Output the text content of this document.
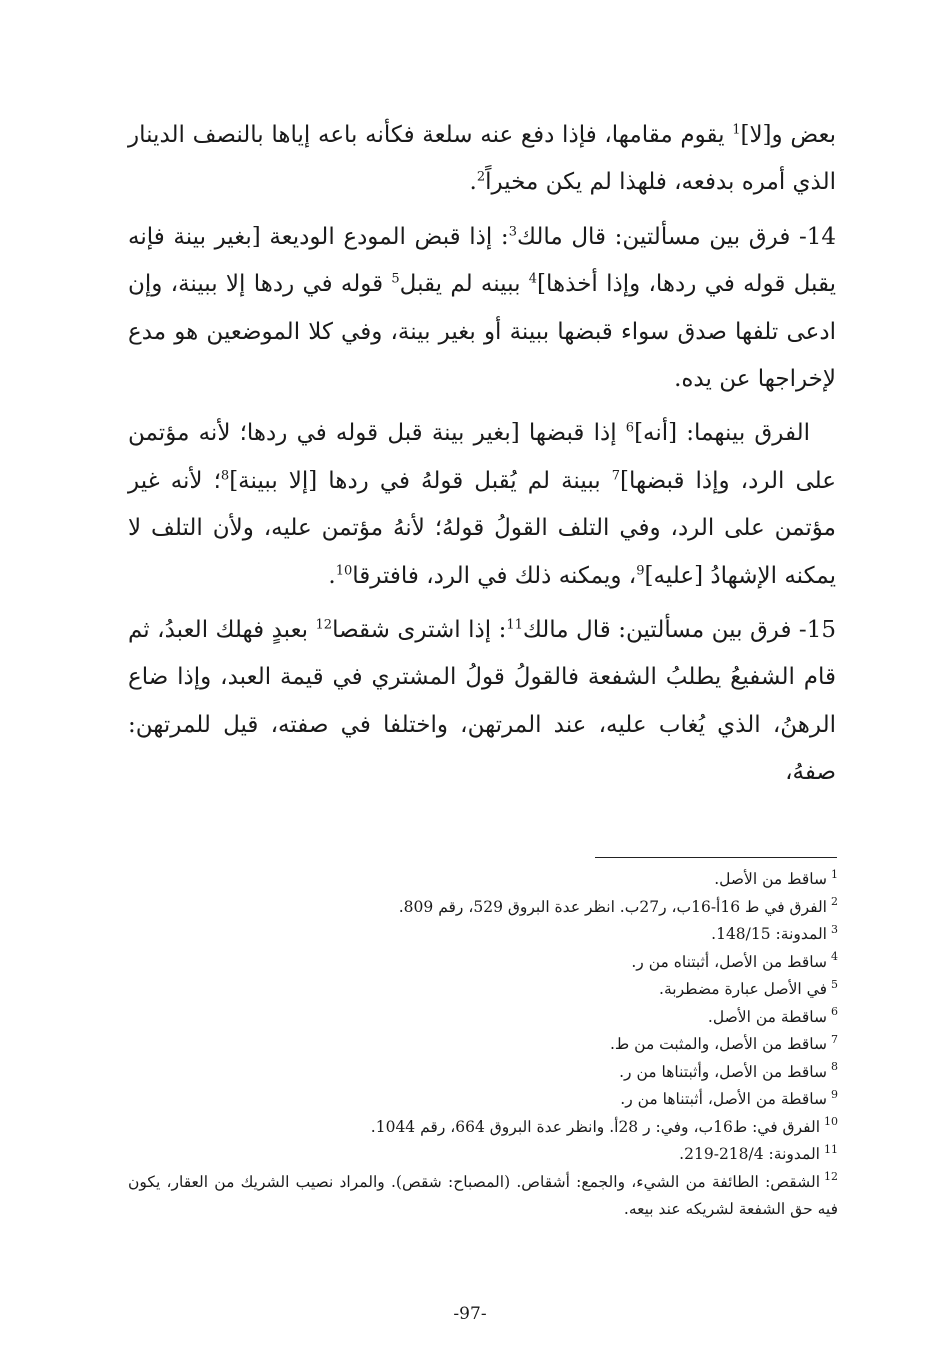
بعض و[لا]$^1$ يقوم مقامها، فإذا دفع عنه سلعة فكأنه باعه إياها بالنصف الدينار الذي أمره بدفعه، فلهذا لم يكن مخيراً$^2$.

14- فرق بين مسألتين: قال مالك$^3$: إذا قبض المودع الوديعة [بغير بينة فإنه يقبل قوله في ردها، وإذا أخذها]$^4$ ببينه لم يقبل$^5$ قوله في ردها إلا ببينة، وإن ادعى تلفها صدق سواء قبضها ببينة أو بغير بينة، وفي كلا الموضعين هو مدع لإخراجها عن يده.

الفرق بينهما: [أنه]$^6$ إذا قبضها [بغير بينة قبل قوله في ردها؛ لأنه مؤتمن على الرد، وإذا قبضها]$^7$ ببينة لم يُقبل قولهُ في ردها [إلا ببينة]$^8$؛ لأنه غير مؤتمن على الرد، وفي التلف القولُ قولهُ؛ لأنهُ مؤتمن عليه، ولأن التلف لا يمكنه الإشهادُ [عليه]$^9$، ويمكنه ذلك في الرد، فافترقا$^{10}$.

15- فرق بين مسألتين: قال مالك$^{11}$: إذا اشترى شقصا$^{12}$ بعبدٍ فهلك العبدُ، ثم قام الشفيعُ يطلبُ الشفعة فالقولُ قولُ المشتري في قيمة العبد، وإذا ضاع الرهنُ، الذي يُغاب عليه، عند المرتهن، واختلفا في صفته، قيل للمرتهن: صفهُ،

$^1$ساقط من الأصل.

$^2$الفرق في ط 16أ-16ب، ر27ب. انظر عدة البروق 529، رقم 809.

$^3$المدونة: 148/15.

$^4$ساقط من الأصل، أثبتناه من ر.

$^5$في الأصل عبارة مضطربة.

$^6$ساقطة من الأصل.

$^7$ساقط من الأصل، والمثبت من ط.

$^8$ساقط من الأصل، وأثبتناها من ر.

$^9$ساقطة من الأصل، أثبتناها من ر.

$^{10}$الفرق في: ط16ب، وفي: ر 28أ. وانظر عدة البروق 664، رقم 1044.

$^{11}$المدونة: 218/4-219.

$^{12}$الشقص: الطائفة من الشيء، والجمع: أشقاص. (المصباح: شقص). والمراد نصيب الشريك من العقار، يكون فيه حق الشفعة لشريكه عند بيعه.

-97-
